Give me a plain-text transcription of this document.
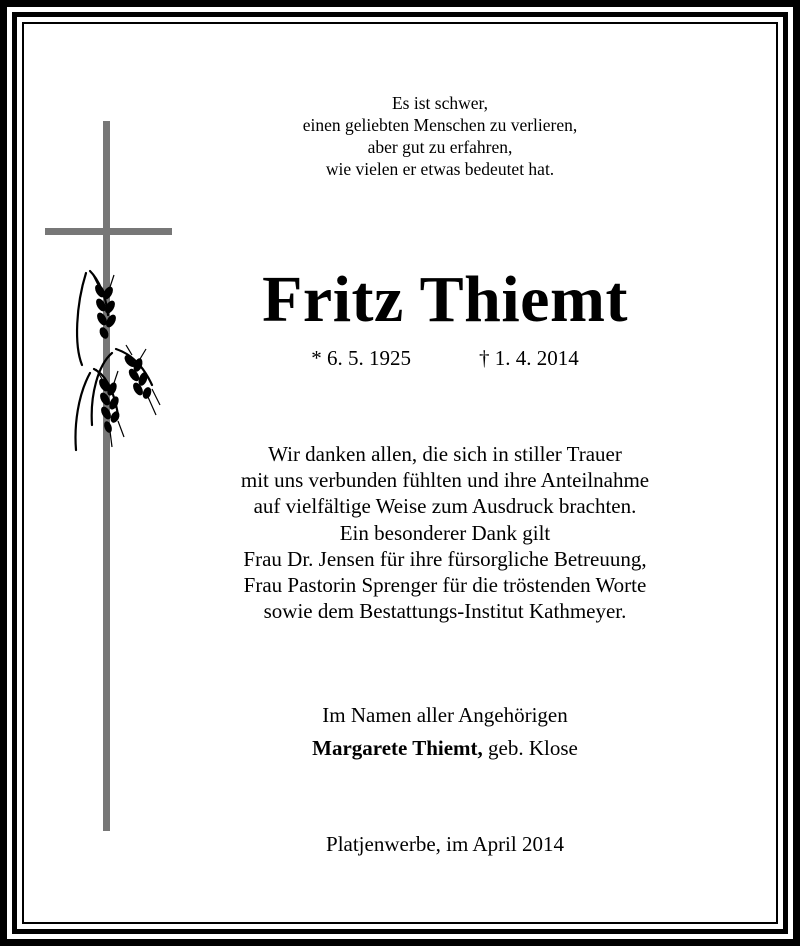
Es ist schwer,
einen geliebten Menschen zu verlieren,
aber gut zu erfahren,
wie vielen er etwas bedeutet hat.
Fritz Thiemt
* 6. 5. 1925	† 1. 4. 2014
Wir danken allen, die sich in stiller Trauer
mit uns verbunden fühlten und ihre Anteilnahme
auf vielfältige Weise zum Ausdruck brachten.
Ein besonderer Dank gilt
Frau Dr. Jensen für ihre fürsorgliche Betreuung,
Frau Pastorin Sprenger für die tröstenden Worte
sowie dem Bestattungs-Institut Kathmeyer.
Im Namen aller Angehörigen
Margarete Thiemt, geb. Klose
Platjenwerbe, im April 2014
